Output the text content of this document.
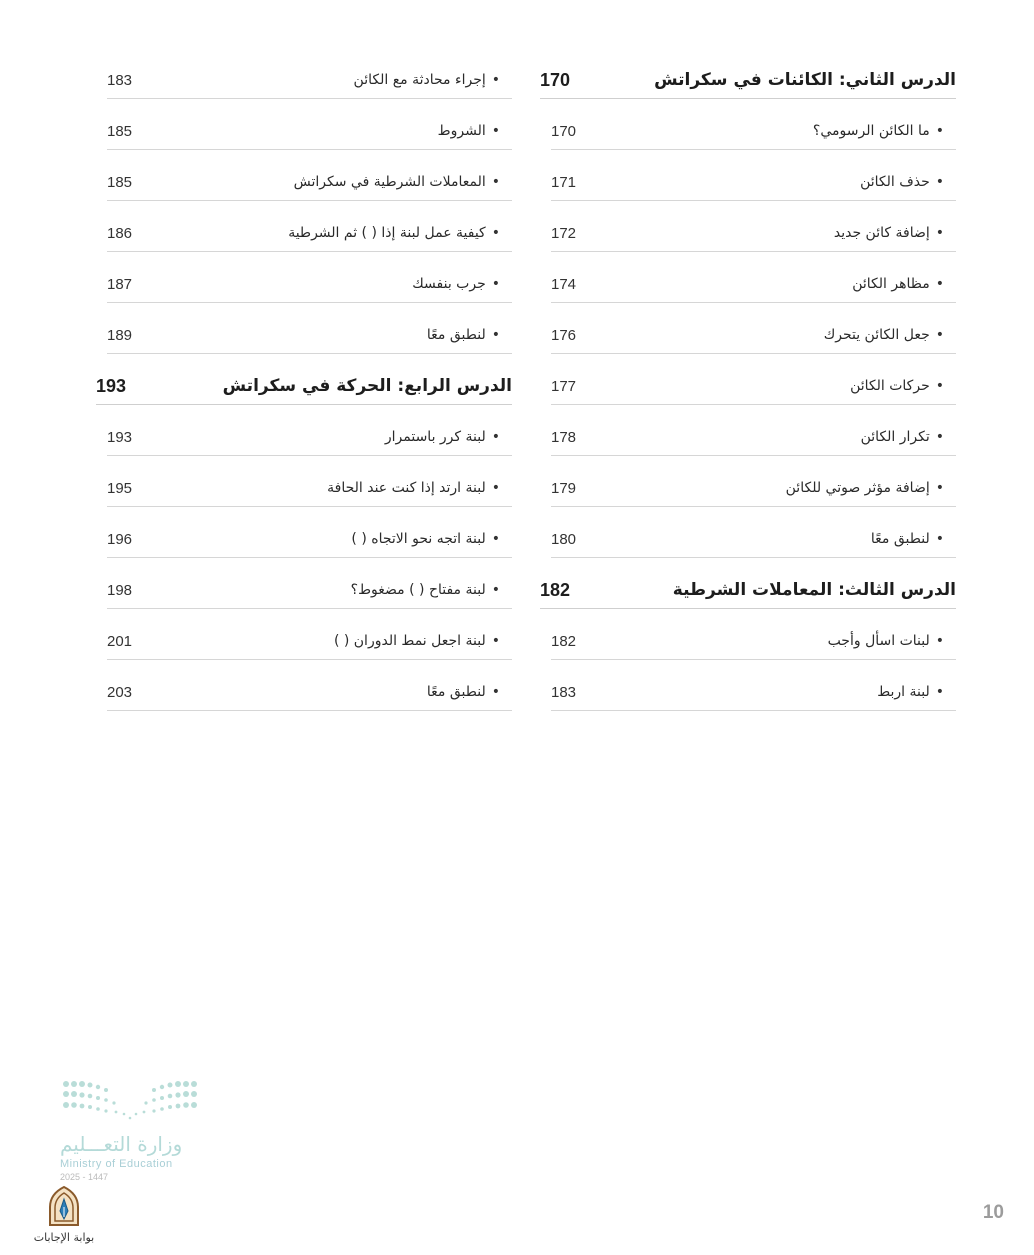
الدرس الثاني: الكائنات في سكراتش
170
• ما الكائن الرسومي؟
170
• حذف الكائن
171
• إضافة كائن جديد
172
• مظاهر الكائن
174
• جعل الكائن يتحرك
176
• حركات الكائن
177
• تكرار الكائن
178
• إضافة مؤثر صوتي للكائن
179
• لنطبق معًا
180
الدرس الثالث: المعاملات الشرطية
182
• لبنات اسأل وأجب
182
• لبنة اربط
183
• إجراء محادثة مع الكائن
183
• الشروط
185
• المعاملات الشرطية في سكراتش
185
• كيفية عمل لبنة إذا ( ) ثم الشرطية
186
• جرب بنفسك
187
• لنطبق معًا
189
الدرس الرابع: الحركة في سكراتش
193
• لبنة كرر باستمرار
193
• لبنة ارتد إذا كنت عند الحافة
195
• لبنة اتجه نحو الاتجاه ( )
196
• لبنة مفتاح ( ) مضغوط؟
198
• لبنة اجعل نمط الدوران ( )
201
• لنطبق معًا
203
وزارة التعـــليم
Ministry of Education
2025 - 1447
بوابة الإجابات
10
